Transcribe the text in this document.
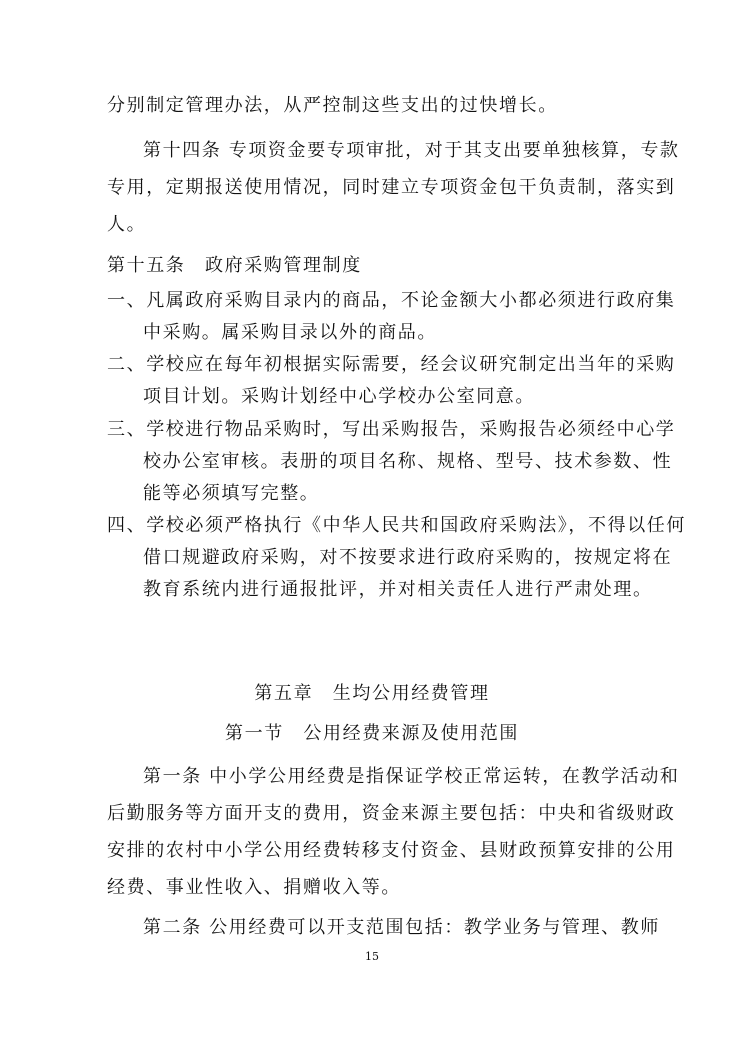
分别制定管理办法，从严控制这些支出的过快增长。
第十四条 专项资金要专项审批，对于其支出要单独核算，专款
专用，定期报送使用情况，同时建立专项资金包干负责制，落实到
人。
第十五条　政府采购管理制度
一、凡属政府采购目录内的商品，不论金额大小都必须进行政府集
中采购。属采购目录以外的商品。
二、学校应在每年初根据实际需要，经会议研究制定出当年的采购
项目计划。采购计划经中心学校办公室同意。
三、学校进行物品采购时，写出采购报告，采购报告必须经中心学
校办公室审核。表册的项目名称、规格、型号、技术参数、性
能等必须填写完整。
四、学校必须严格执行《中华人民共和国政府采购法》，不得以任何
借口规避政府采购，对不按要求进行政府采购的，按规定将在
教育系统内进行通报批评，并对相关责任人进行严肃处理。
第五章　生均公用经费管理
第一节　公用经费来源及使用范围
第一条 中小学公用经费是指保证学校正常运转，在教学活动和
后勤服务等方面开支的费用，资金来源主要包括：中央和省级财政
安排的农村中小学公用经费转移支付资金、县财政预算安排的公用
经费、事业性收入、捐赠收入等。
第二条 公用经费可以开支范围包括：教学业务与管理、教师
15
